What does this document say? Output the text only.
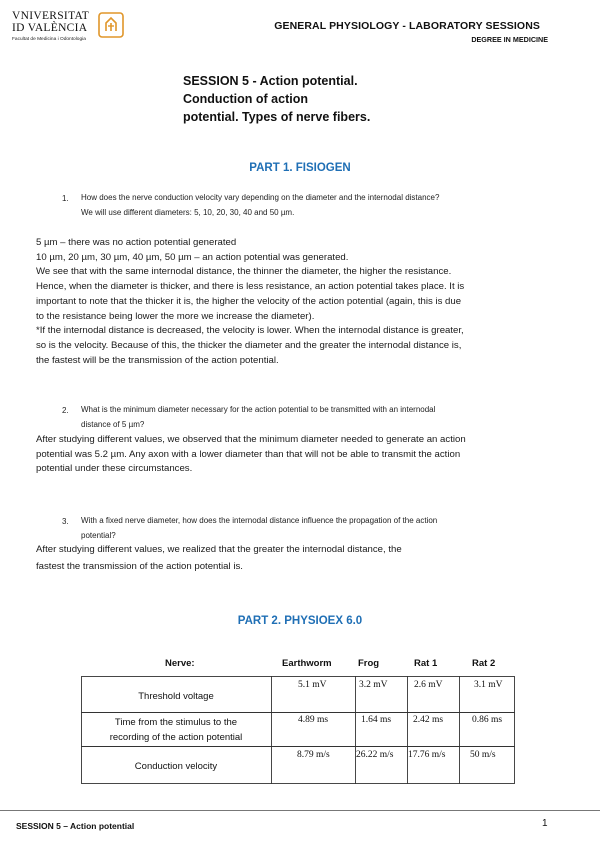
VNIVERSITAT
ID VALÈNCIA
Facultat de Medicina i Odontologia
GENERAL PHYSIOLOGY - LABORATORY SESSIONS
DEGREE IN MEDICINE
SESSION 5 - Action potential.
Conduction of action
potential. Types of nerve fibers.
PART 1. FISIOGEN
1. How does the nerve conduction velocity vary depending on the diameter and the internodal distance?
We will use different diameters: 5, 10, 20, 30, 40 and 50 µm.
5 µm – there was no action potential generated
10 µm, 20 µm, 30 µm, 40 µm, 50 µm – an action potential was generated.
We see that with the same internodal distance, the thinner the diameter, the higher the resistance.
Hence, when the diameter is thicker, and there is less resistance, an action potential takes place. It is
important to note that the thicker it is, the higher the velocity of the action potential (again, this is due
to the resistance being lower the more we increase the diameter).
*If the internodal distance is decreased, the velocity is lower. When the internodal distance is greater,
so is the velocity. Because of this, the thicker the diameter and the greater the internodal distance is,
the fastest will be the transmission of the action potential.
2. What is the minimum diameter necessary for the action potential to be transmitted with an internodal
distance of 5 µm?
After studying different values, we observed that the minimum diameter needed to generate an action
potential was 5.2 µm. Any axon with a lower diameter than that will not be able to transmit the action
potential under these circumstances.
3. With a fixed nerve diameter, how does the internodal distance influence the propagation of the action
potential?
After studying different values, we realized that the greater the internodal distance, the
fastest the transmission of the action potential is.
PART 2. PHYSIOEX 6.0
Nerve:	Earthworm	Frog	Rat 1	Rat 2
Threshold voltage
5.1 mV	3.2 mV	2.6 mV	3.1 mV
Time from the stimulus to the
recording of the action potential
4.89 ms	1.64 ms 2.42 ms	0.86 ms
Conduction velocity
8.79 m/s	26.22 m/s 17.76 m/s	50 m/s
SESSION 5 – Action potential	1
